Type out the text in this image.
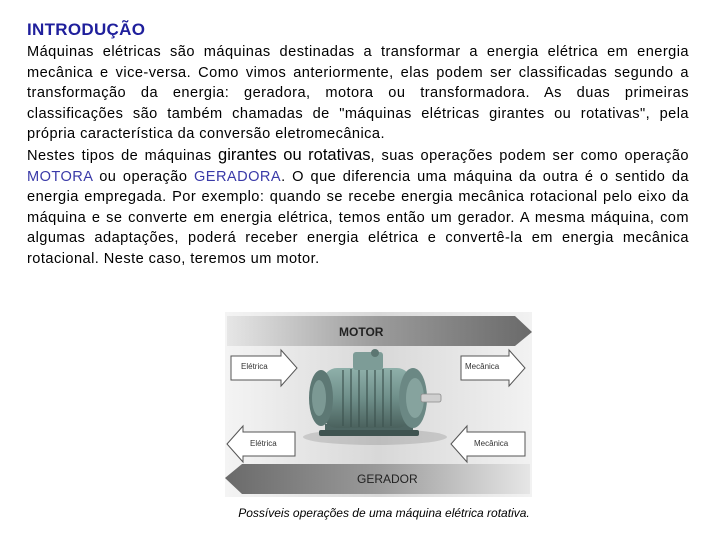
INTRODUÇÃO

Máquinas elétricas são máquinas destinadas a transformar a energia elétrica em energia mecânica e vice-versa. Como vimos anteriormente, elas podem ser classificadas segundo a transformação da energia: geradora, motora ou transformadora. As duas primeiras classificações são também chamadas de "máquinas elétricas girantes ou rotativas", pela própria característica da conversão eletromecânica.

Nestes tipos de máquinas girantes ou rotativas, suas operações podem ser como operação MOTORA ou operação GERADORA. O que diferencia uma máquina da outra é o sentido da energia empregada. Por exemplo: quando se recebe energia mecânica rotacional pelo eixo da máquina e se converte em energia elétrica, temos então um gerador. A mesma máquina, com algumas adaptações, poderá receber energia elétrica e convertê-la em energia mecânica rotacional. Neste caso, teremos um motor.

MOTOR
Elétrica	Mecânica
Elétrica	Mecânica
GERADOR
Possíveis operações de uma máquina elétrica rotativa.
